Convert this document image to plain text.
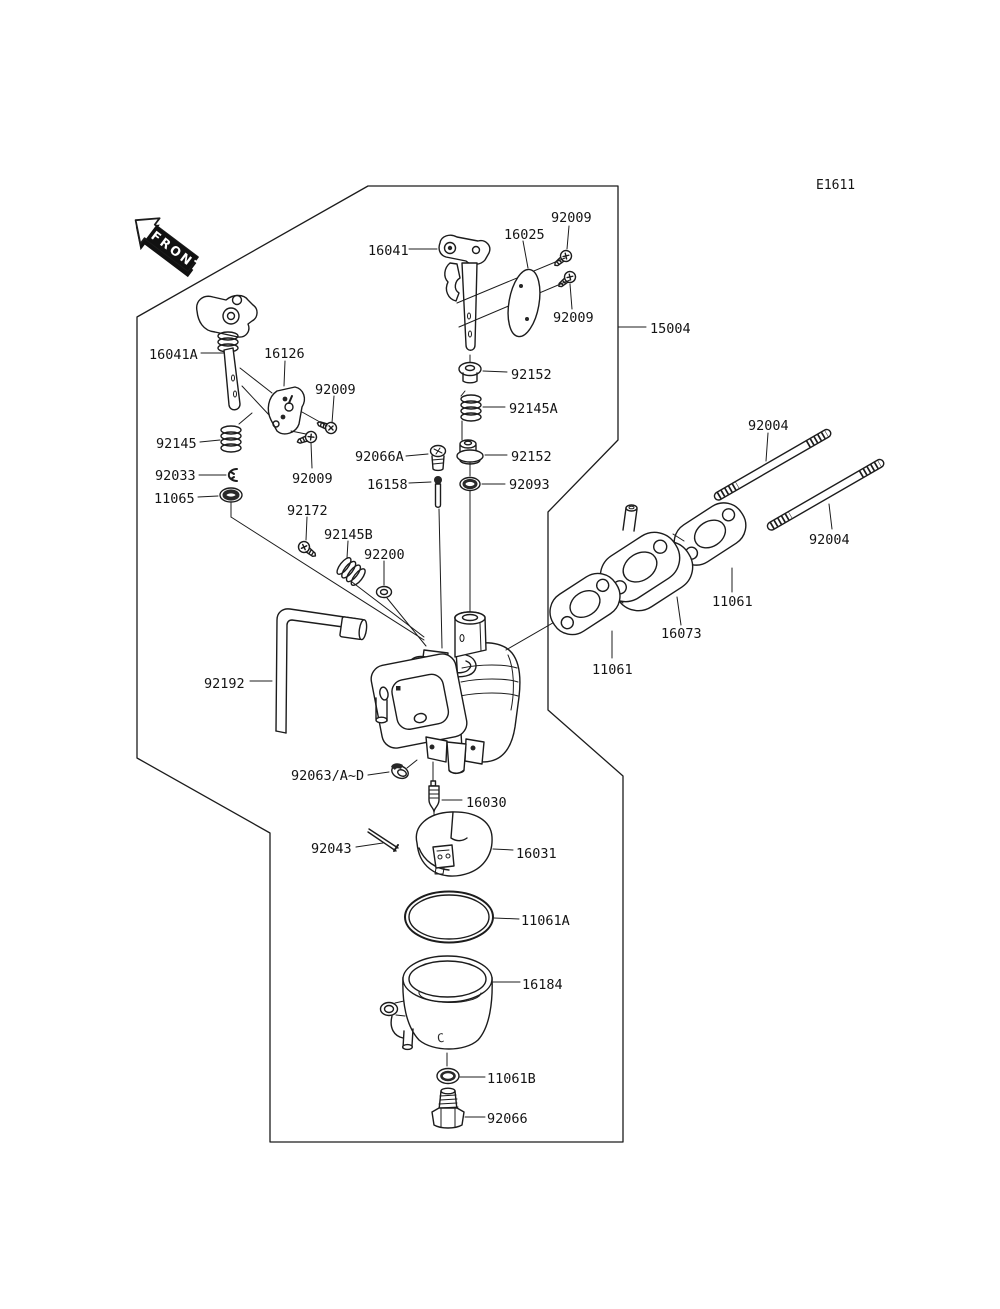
FRONT
C
E1611
15004
16041
16025
92009
92009
92152
92145A
92152
92066A
16158	92093
16041A	16126
92009
92009
92145
92033
11065
92172
92145B
92200
92004
92004
11061
16073
11061
92192
92063/A~D
16030
92043	16031
11061A
16184
11061B
92066
